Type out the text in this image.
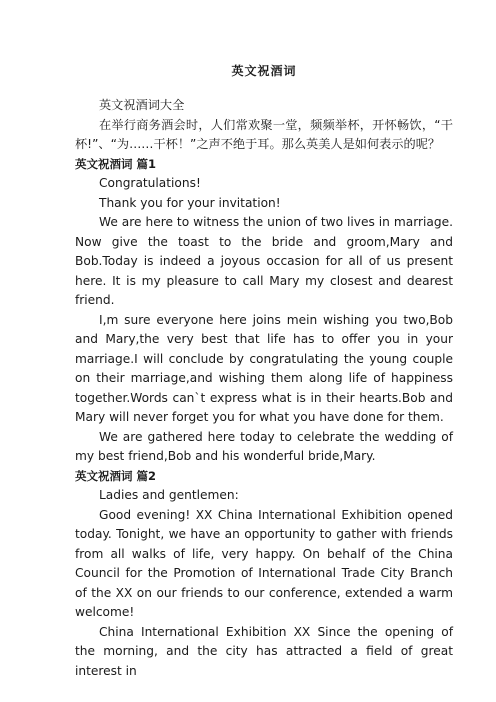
英文祝酒词

英文祝酒词大全

在举行商务酒会时，人们常欢聚一堂，频频举杯，开怀畅饮，“干杯!”、“为……干杯！”之声不绝于耳。那么英美人是如何表示的呢？

英文祝酒词 篇1

Congratulations!

Thank you for your invitation!

We are here to witness the union of two lives in marriage. Now give the toast to the bride and groom,Mary and Bob.Today is indeed a joyous occasion for all of us present here. It is my pleasure to call Mary my closest and dearest friend.

I,m sure everyone here joins mein wishing you two,Bob and Mary,the very best that life has to offer you in your marriage.I will conclude by congratulating the young couple on their marriage,and wishing them along life of happiness together.Words can`t express what is in their hearts.Bob and Mary will never forget you for what you have done for them.

We are gathered here today to celebrate the wedding of my best friend,Bob and his wonderful bride,Mary.

英文祝酒词 篇2

Ladies and gentlemen:

Good evening! XX China International Exhibition opened today. Tonight, we have an opportunity to gather with friends from all walks of life, very happy. On behalf of the China Council for the Promotion of International Trade City Branch of the XX on our friends to our conference, extended a warm welcome!

China International Exhibition XX Since the opening of the morning, and the city has attracted a field of great interest in
